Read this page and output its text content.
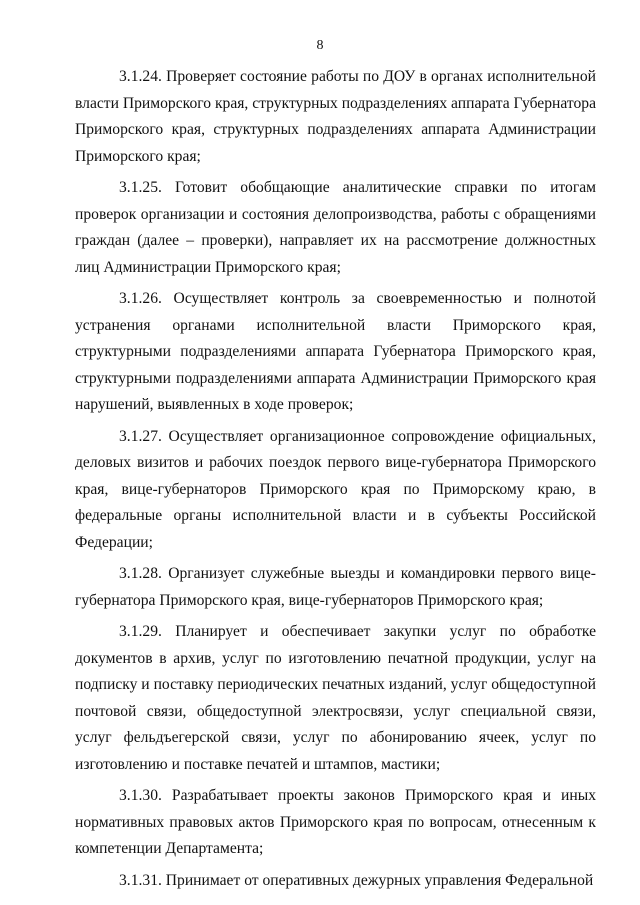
8

3.1.24. Проверяет состояние работы по ДОУ в органах исполнительной власти Приморского края, структурных подразделениях аппарата Губернатора Приморского края, структурных подразделениях аппарата Администрации Приморского края;

3.1.25. Готовит обобщающие аналитические справки по итогам проверок организации и состояния делопроизводства, работы с обращениями граждан (далее – проверки), направляет их на рассмотрение должностных лиц Администрации Приморского края;

3.1.26. Осуществляет контроль за своевременностью и полнотой устранения органами исполнительной власти Приморского края, структурными подразделениями аппарата Губернатора Приморского края, структурными подразделениями аппарата Администрации Приморского края нарушений, выявленных в ходе проверок;

3.1.27. Осуществляет организационное сопровождение официальных, деловых визитов и рабочих поездок первого вице-губернатора Приморского края, вице-губернаторов Приморского края по Приморскому краю, в федеральные органы исполнительной власти и в субъекты Российской Федерации;

3.1.28. Организует служебные выезды и командировки первого вице-губернатора Приморского края, вице-губернаторов Приморского края;

3.1.29. Планирует и обеспечивает закупки услуг по обработке документов в архив, услуг по изготовлению печатной продукции, услуг на подписку и поставку периодических печатных изданий, услуг общедоступной почтовой связи, общедоступной электросвязи, услуг специальной связи, услуг фельдъегерской связи, услуг по абонированию ячеек, услуг по изготовлению и поставке печатей и штампов, мастики;

3.1.30. Разрабатывает проекты законов Приморского края и иных нормативных правовых актов Приморского края по вопросам, отнесенным к компетенции Департамента;

3.1.31. Принимает от оперативных дежурных управления Федеральной
